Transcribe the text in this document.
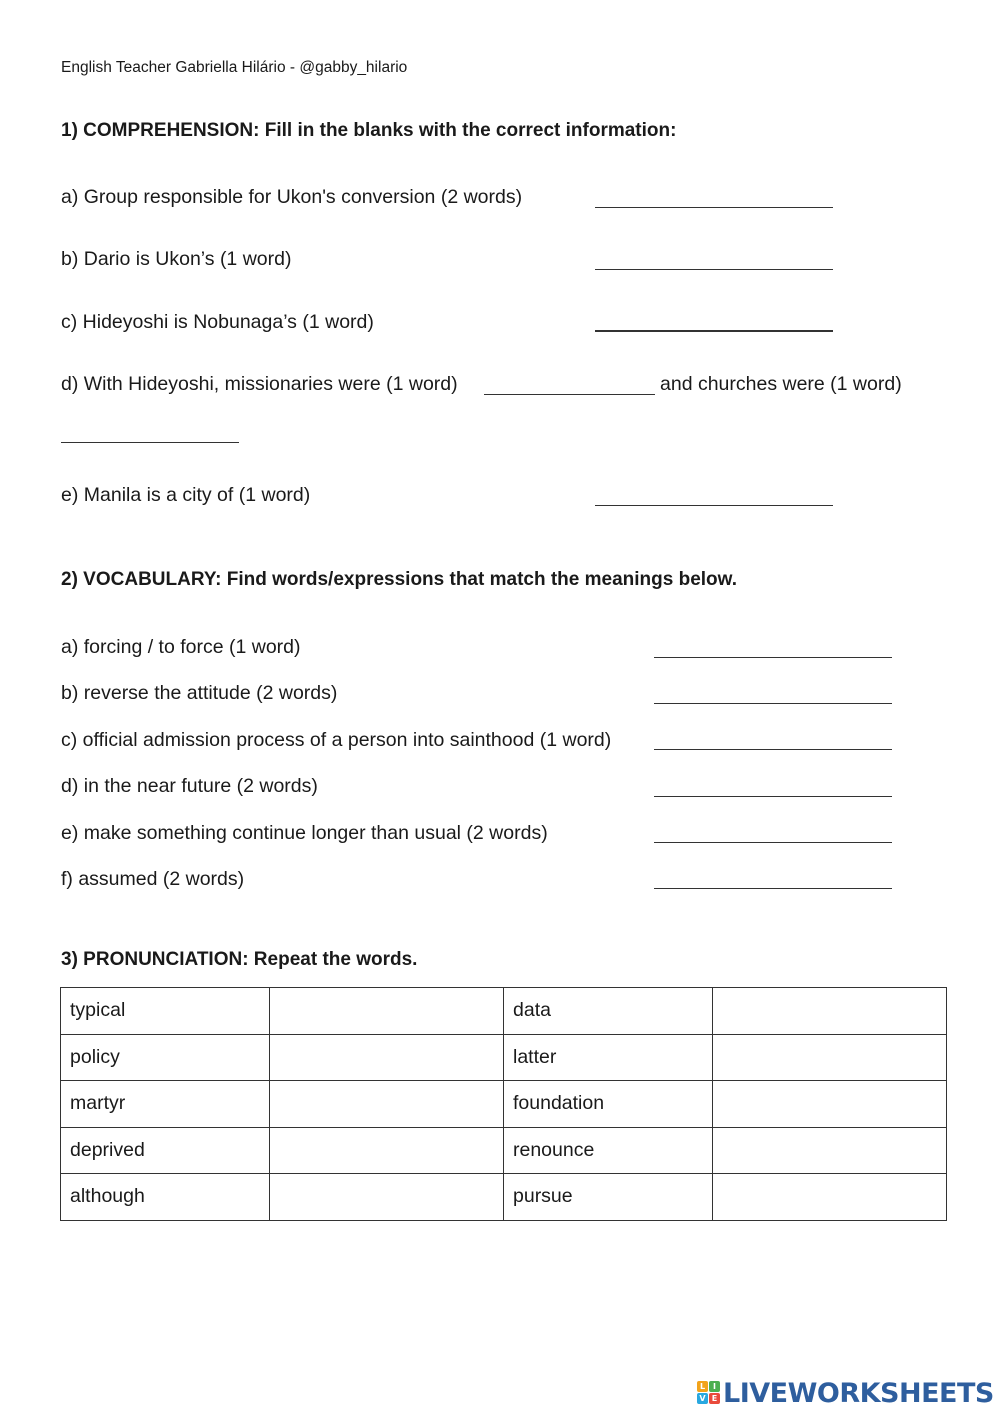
English Teacher Gabriella Hilário - @gabby_hilario
1) COMPREHENSION: Fill in the blanks with the correct information:
a) Group responsible for Ukon's conversion (2 words)
b) Dario is Ukon’s (1 word)
c) Hideyoshi is Nobunaga’s (1 word)
d) With Hideyoshi, missionaries were (1 word)	and churches were (1 word)
e) Manila is a city of (1 word)
2) VOCABULARY: Find words/expressions that match the meanings below.
a) forcing / to force (1 word)
b) reverse the attitude (2 words)
c) official admission process of a person into sainthood (1 word)
d) in the near future (2 words)
e) make something continue longer than usual (2 words)
f) assumed (2 words)
3) PRONUNCIATION: Repeat the words.
typical		data	
policy		latter	
martyr		foundation	
deprived		renounce	
although		pursue	
L I
V E LIVEWORKSHEETS
